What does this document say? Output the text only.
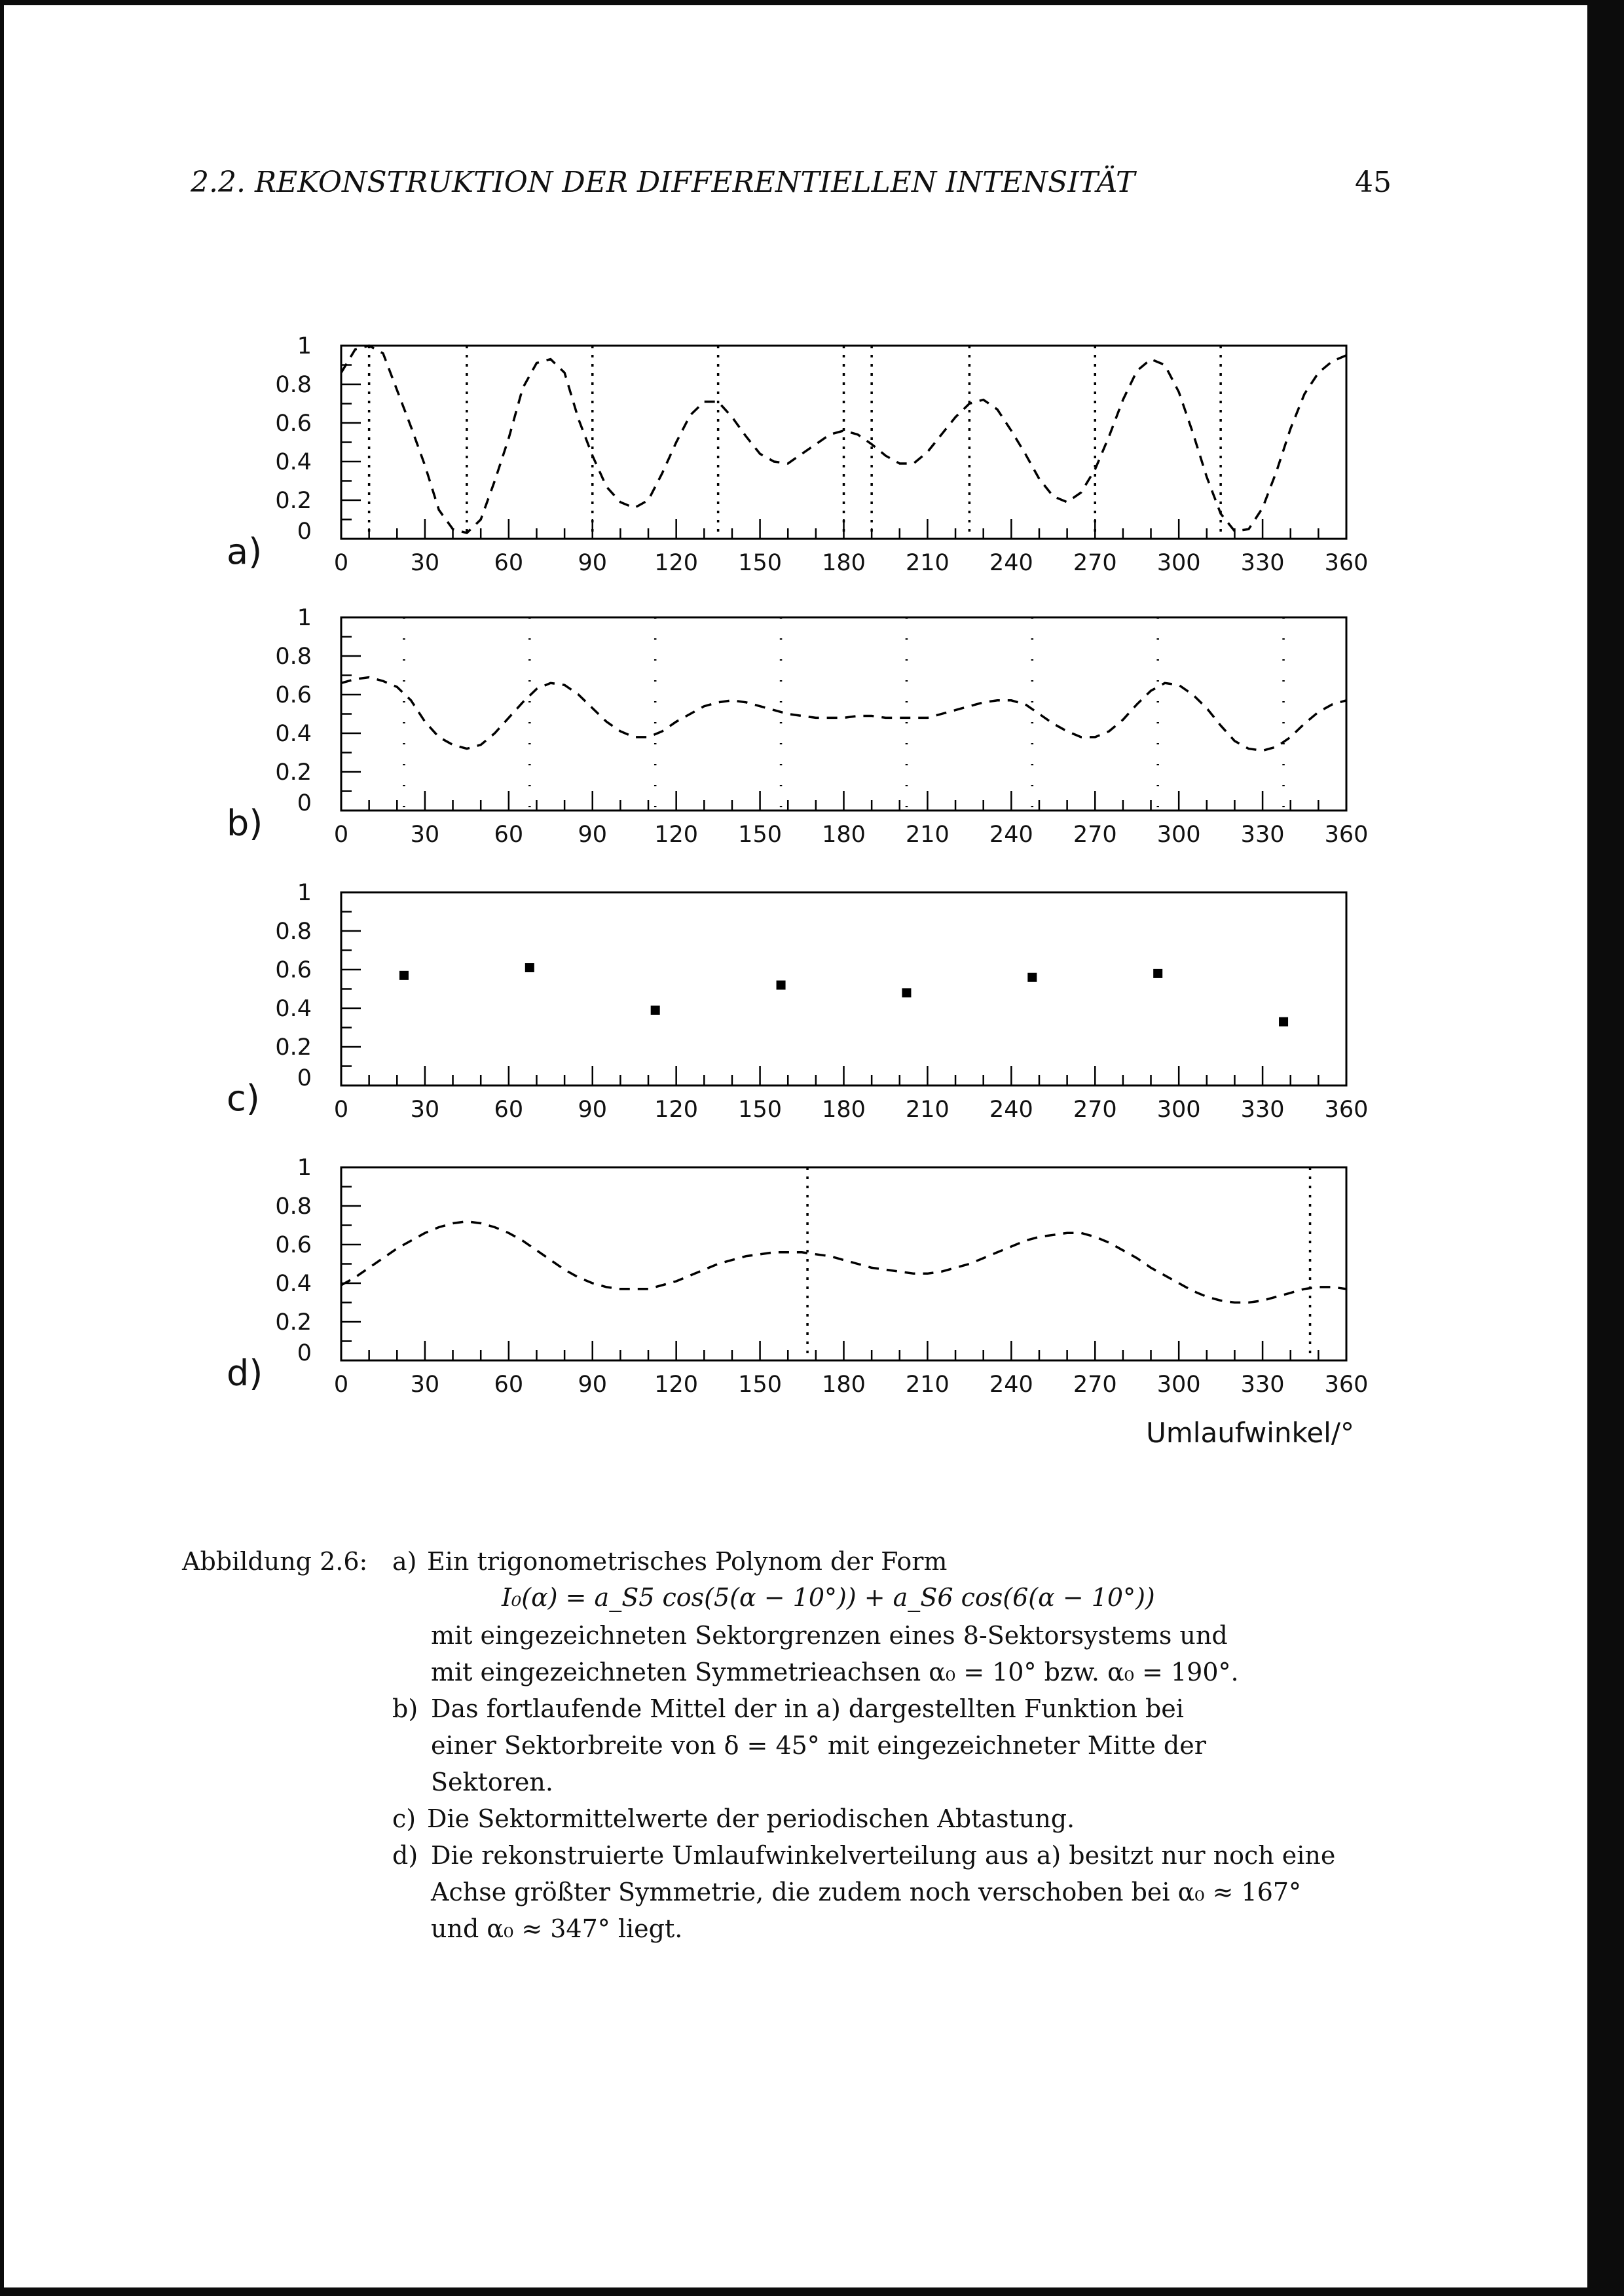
2.2. REKONSTRUKTION DER DIFFERENTIELLEN INTENSITÄT	45
0	30 60 90 120 150 180 210 240 270 300 330 360
0
0.2
0.4
0.6
0.8
1
a)
0	30 60 90 120 150 180 210 240 270 300 330 360
0
0.2
0.4
0.6
0.8
1
b)
0	30 60 90 120 150 180 210 240 270 300 330 360
0
0.2
0.4
0.6
0.8
1
c)
0	30 60 90 120 150 180 210 240 270 300 330 360
0
0.2
0.4
0.6
0.8
1
d)
Umlaufwinkel/°
Abbildung 2.6: a) Ein trigonometrisches Polynom der Form
I₀(α) = a_S5 cos(5(α − 10°)) + a_S6 cos(6(α − 10°))
mit eingezeichneten Sektorgrenzen eines 8-Sektorsystems und
mit eingezeichneten Symmetrieachsen α₀ = 10° bzw. α₀ = 190°.
b) Das fortlaufende Mittel der in a) dargestellten Funktion bei
einer Sektorbreite von δ = 45° mit eingezeichneter Mitte der
Sektoren.
c) Die Sektormittelwerte der periodischen Abtastung.
d) Die rekonstruierte Umlaufwinkelverteilung aus a) besitzt nur noch eine
Achse größter Symmetrie, die zudem noch verschoben bei α₀ ≈ 167°
und α₀ ≈ 347° liegt.
